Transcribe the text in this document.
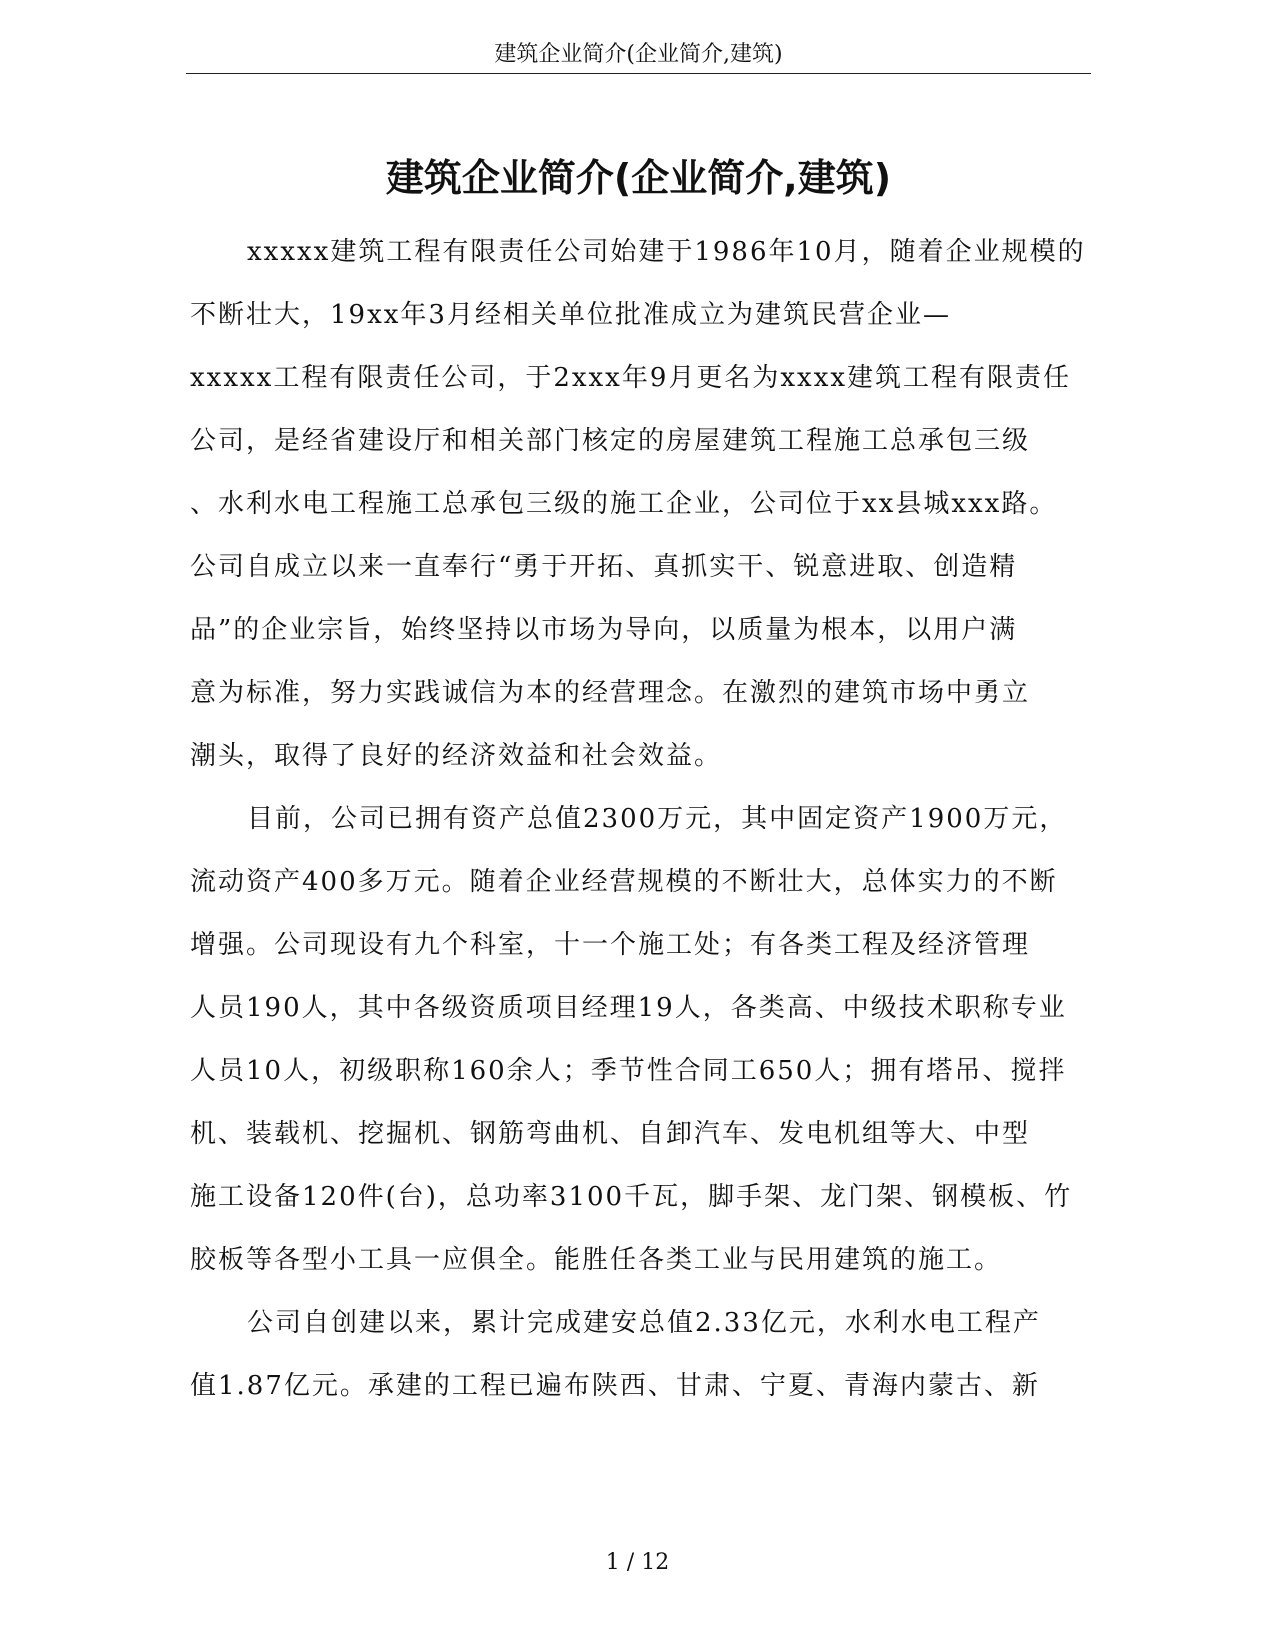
建筑企业简介(企业简介,建筑)
建筑企业简介(企业简介,建筑)
xxxxx建筑工程有限责任公司始建于1986年10月，随着企业规模的
不断壮大，19xx年3月经相关单位批准成立为建筑民营企业—
xxxxx工程有限责任公司，于2xxx年9月更名为xxxx建筑工程有限责任
公司，是经省建设厅和相关部门核定的房屋建筑工程施工总承包三级
、水利水电工程施工总承包三级的施工企业，公司位于xx县城xxx路。
公司自成立以来一直奉行“勇于开拓、真抓实干、锐意进取、创造精
品”的企业宗旨，始终坚持以市场为导向，以质量为根本，以用户满
意为标准，努力实践诚信为本的经营理念。在激烈的建筑市场中勇立
潮头，取得了良好的经济效益和社会效益。
目前，公司已拥有资产总值2300万元，其中固定资产1900万元，
流动资产400多万元。随着企业经营规模的不断壮大，总体实力的不断
增强。公司现设有九个科室，十一个施工处；有各类工程及经济管理
人员190人，其中各级资质项目经理19人，各类高、中级技术职称专业
人员10人，初级职称160余人；季节性合同工650人；拥有塔吊、搅拌
机、装载机、挖掘机、钢筋弯曲机、自卸汽车、发电机组等大、中型
施工设备120件(台)，总功率3100千瓦，脚手架、龙门架、钢模板、竹
胶板等各型小工具一应俱全。能胜任各类工业与民用建筑的施工。
公司自创建以来，累计完成建安总值2.33亿元，水利水电工程产
值1.87亿元。承建的工程已遍布陕西、甘肃、宁夏、青海内蒙古、新
1 / 12
